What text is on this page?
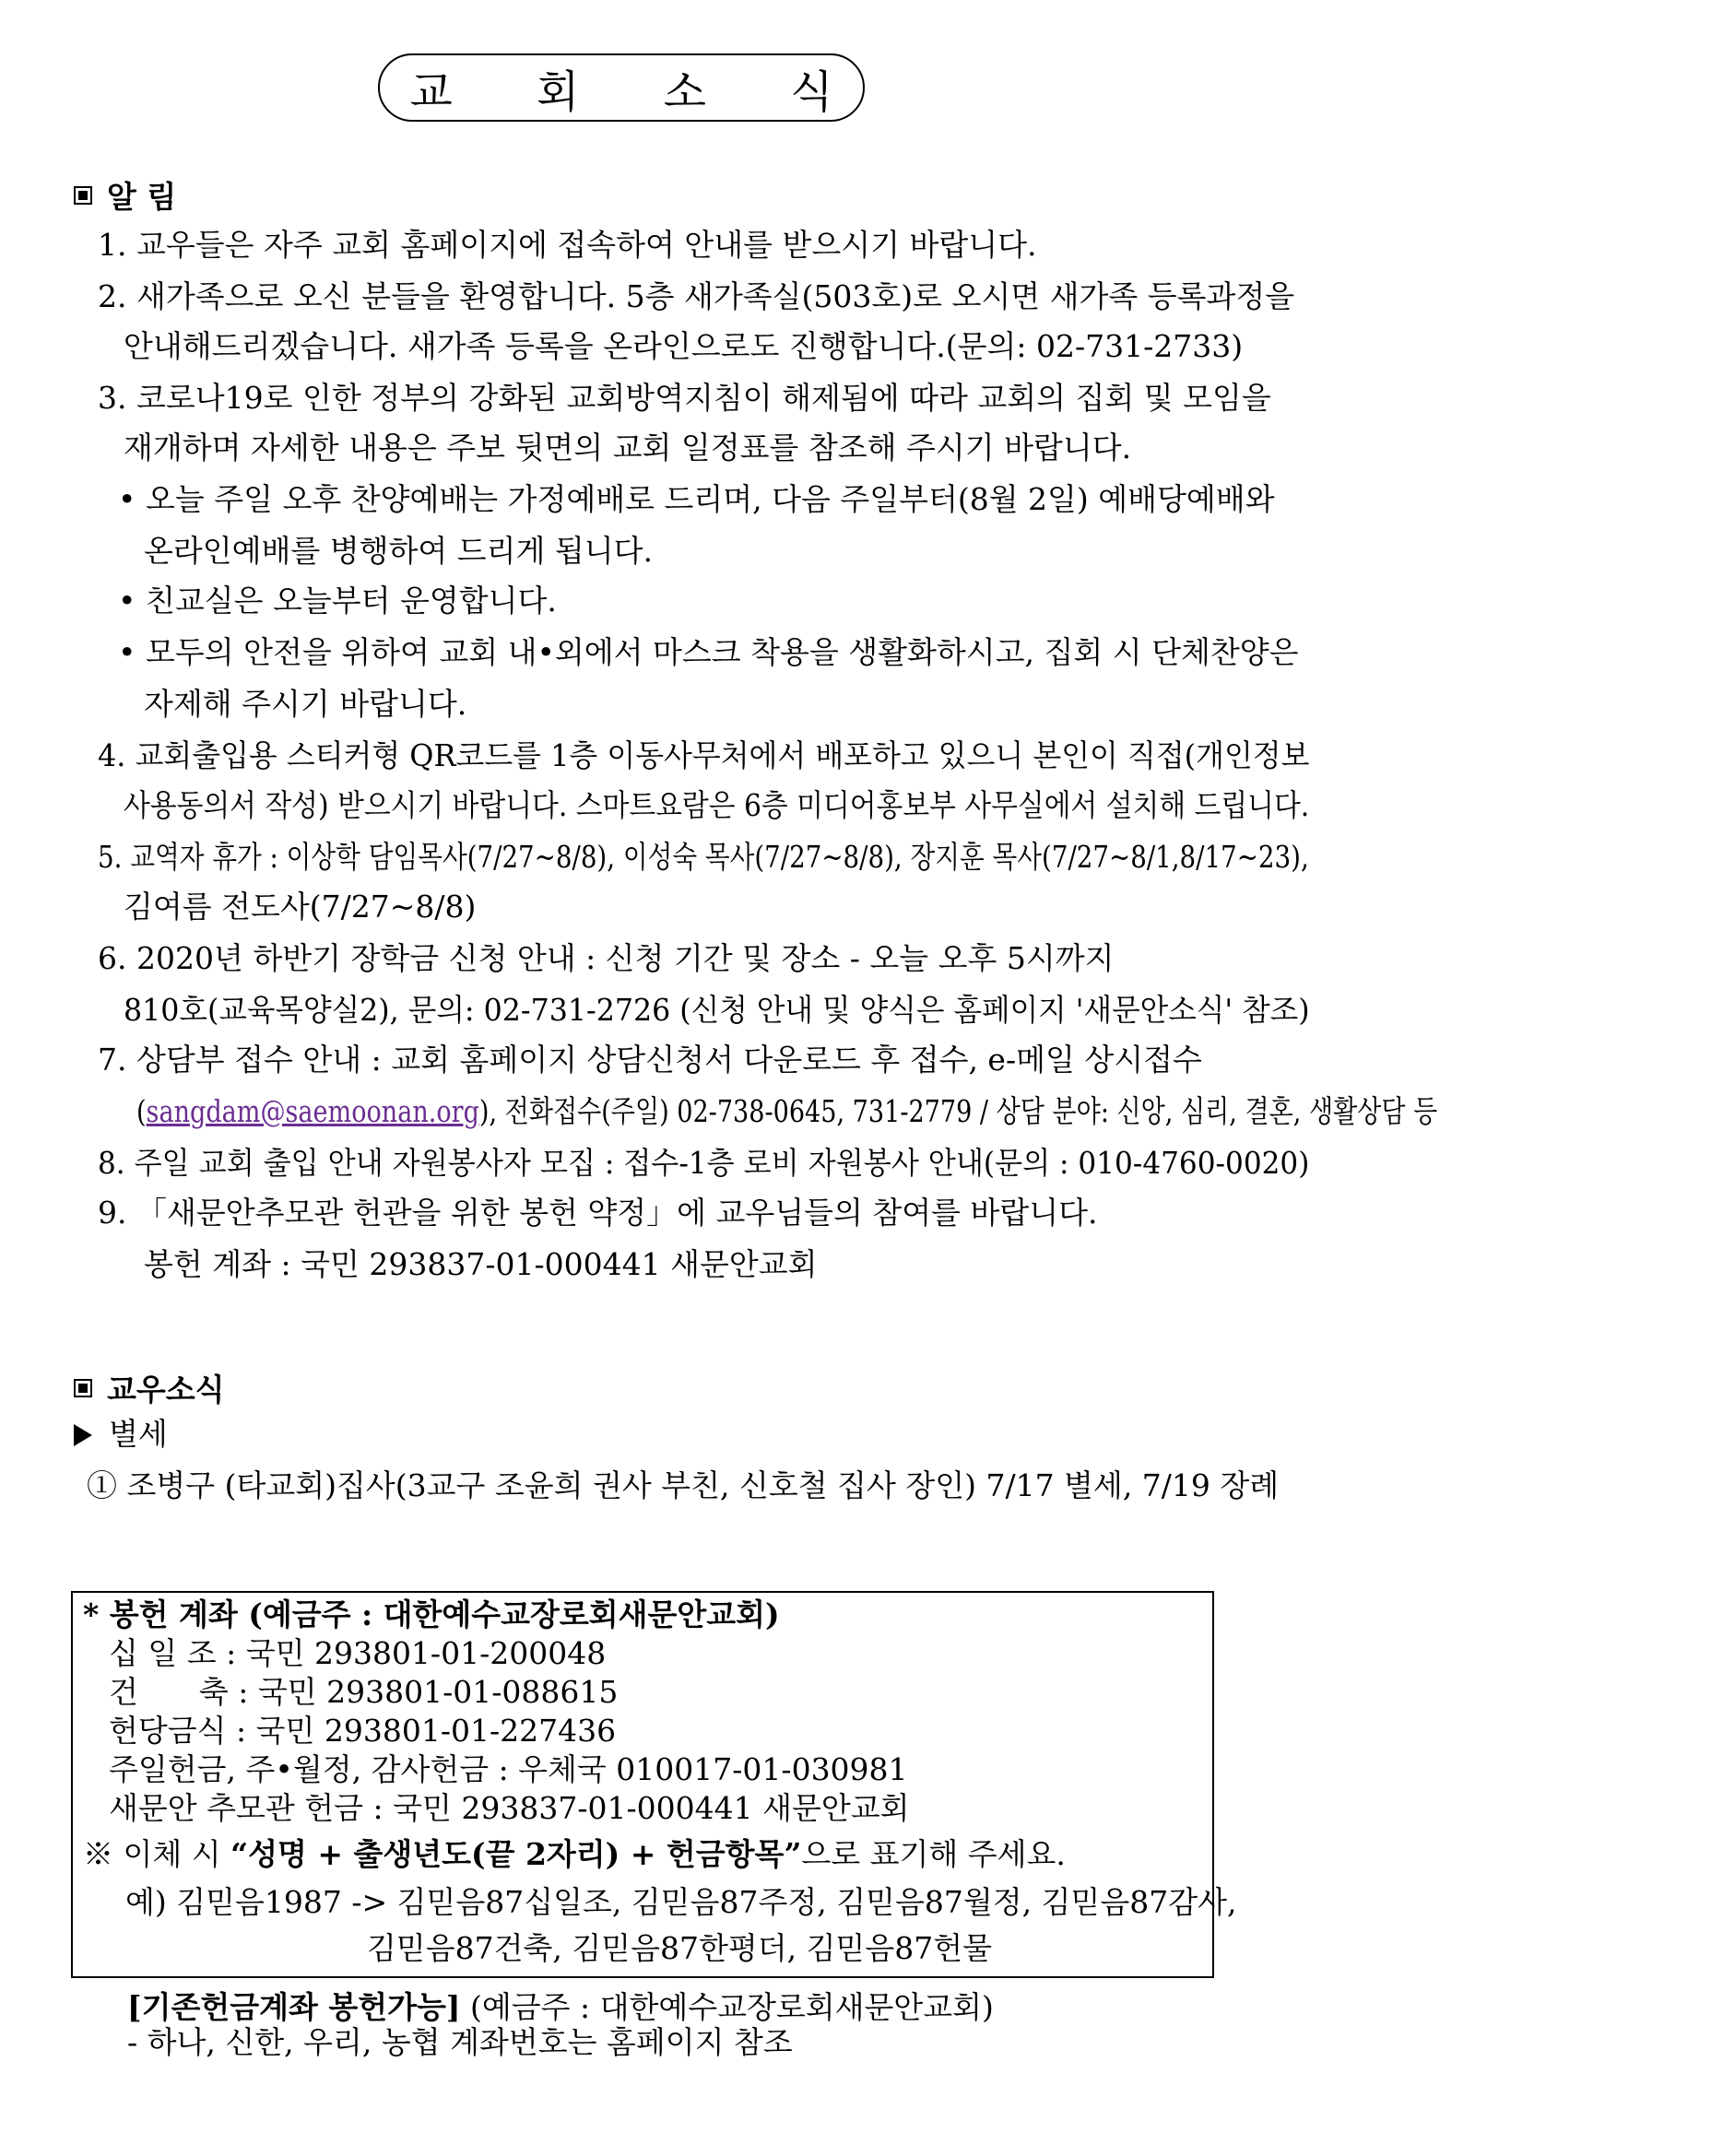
교 회 소 식
알 림
1. 교우들은 자주 교회 홈페이지에 접속하여 안내를 받으시기 바랍니다.
2. 새가족으로 오신 분들을 환영합니다. 5층 새가족실(503호)로 오시면 새가족 등록과정을
안내해드리겠습니다. 새가족 등록을 온라인으로도 진행합니다.(문의: 02-731-2733)
3. 코로나19로 인한 정부의 강화된 교회방역지침이 해제됨에 따라 교회의 집회 및 모임을
재개하며 자세한 내용은 주보 뒷면의 교회 일정표를 참조해 주시기 바랍니다.
• 오늘 주일 오후 찬양예배는 가정예배로 드리며, 다음 주일부터(8월 2일) 예배당예배와
온라인예배를 병행하여 드리게 됩니다.
• 친교실은 오늘부터 운영합니다.
• 모두의 안전을 위하여 교회 내•외에서 마스크 착용을 생활화하시고, 집회 시 단체찬양은
자제해 주시기 바랍니다.
4. 교회출입용 스티커형 QR코드를 1층 이동사무처에서 배포하고 있으니 본인이 직접(개인정보
사용동의서 작성) 받으시기 바랍니다. 스마트요람은 6층 미디어홍보부 사무실에서 설치해 드립니다.
5. 교역자 휴가 : 이상학 담임목사(7/27~8/8), 이성숙 목사(7/27~8/8), 장지훈 목사(7/27~8/1,8/17~23),
김여름 전도사(7/27~8/8)
6. 2020년 하반기 장학금 신청 안내 : 신청 기간 및 장소 - 오늘 오후 5시까지
810호(교육목양실2), 문의: 02-731-2726 (신청 안내 및 양식은 홈페이지 '새문안소식' 참조)
7. 상담부 접수 안내 : 교회 홈페이지 상담신청서 다운로드 후 접수, e-메일 상시접수
(sangdam@saemoonan.org), 전화접수(주일) 02-738-0645, 731-2779 / 상담 분야: 신앙, 심리, 결혼, 생활상담 등
8. 주일 교회 출입 안내 자원봉사자 모집 : 접수-1층 로비 자원봉사 안내(문의 : 010-4760-0020)
9. 「새문안추모관 헌관을 위한 봉헌 약정」에 교우님들의 참여를 바랍니다.
봉헌 계좌 : 국민 293837-01-000441 새문안교회
교우소식
별세
① 조병구 (타교회)집사(3교구 조윤희 권사 부친, 신호철 집사 장인) 7/17 별세, 7/19 장례
* 봉헌 계좌 (예금주 : 대한예수교장로회새문안교회)
십 일 조 : 국민 293801-01-200048
건　　축 : 국민 293801-01-088615
헌당금식 : 국민 293801-01-227436
주일헌금, 주•월정, 감사헌금 : 우체국 010017-01-030981
새문안 추모관 헌금 : 국민 293837-01-000441 새문안교회
※ 이체 시 “성명 + 출생년도(끝 2자리) + 헌금항목”으로 표기해 주세요.
예) 김믿음1987 -> 김믿음87십일조, 김믿음87주정, 김믿음87월정, 김믿음87감사,
김믿음87건축, 김믿음87한평더, 김믿음87헌물
[기존헌금계좌 봉헌가능] (예금주 : 대한예수교장로회새문안교회)
- 하나, 신한, 우리, 농협 계좌번호는 홈페이지 참조
